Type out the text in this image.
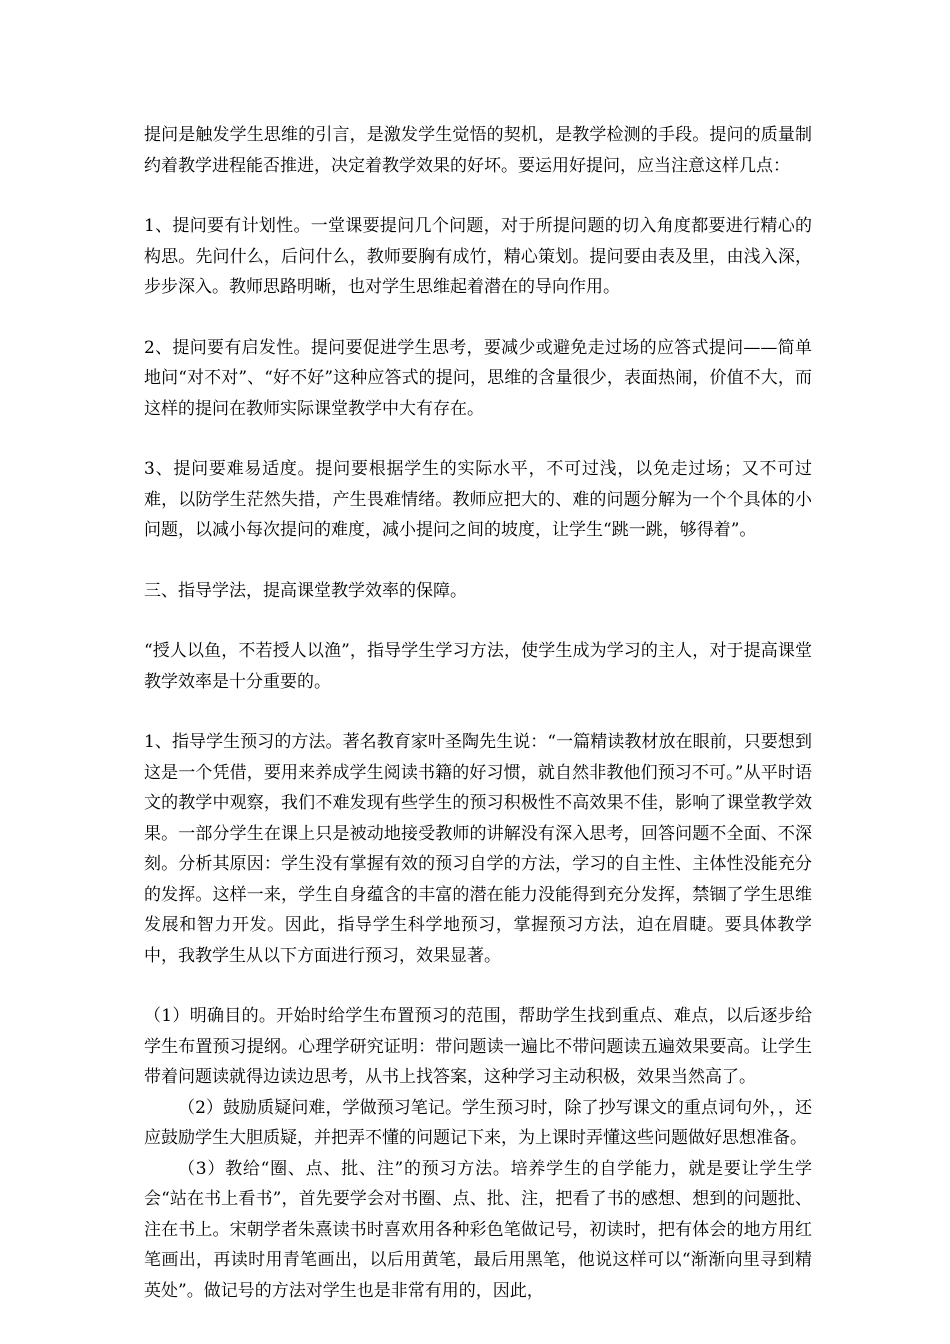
提问是触发学生思维的引言，是激发学生觉悟的契机，是教学检测的手段。提问的质量制约着教学进程能否推进，决定着教学效果的好坏。要运用好提问，应当注意这样几点：

1、提问要有计划性。一堂课要提问几个问题，对于所提问题的切入角度都要进行精心的构思。先问什么，后问什么，教师要胸有成竹，精心策划。提问要由表及里，由浅入深，步步深入。教师思路明晰，也对学生思维起着潜在的导向作用。

2、提问要有启发性。提问要促进学生思考，要减少或避免走过场的应答式提问——简单地问“对不对”、“好不好”这种应答式的提问，思维的含量很少，表面热闹，价值不大，而这样的提问在教师实际课堂教学中大有存在。

3、提问要难易适度。提问要根据学生的实际水平，不可过浅，以免走过场；又不可过难，以防学生茫然失措，产生畏难情绪。教师应把大的、难的问题分解为一个个具体的小问题，以减小每次提问的难度，减小提问之间的坡度，让学生“跳一跳，够得着”。

三、指导学法，提高课堂教学效率的保障。

“授人以鱼，不若授人以渔”，指导学生学习方法，使学生成为学习的主人，对于提高课堂教学效率是十分重要的。

1、指导学生预习的方法。著名教育家叶圣陶先生说：“一篇精读教材放在眼前，只要想到这是一个凭借，要用来养成学生阅读书籍的好习惯，就自然非教他们预习不可。”从平时语文的教学中观察，我们不难发现有些学生的预习积极性不高效果不佳，影响了课堂教学效果。一部分学生在课上只是被动地接受教师的讲解没有深入思考，回答问题不全面、不深刻。分析其原因：学生没有掌握有效的预习自学的方法，学习的自主性、主体性没能充分的发挥。这样一来，学生自身蕴含的丰富的潜在能力没能得到充分发挥，禁锢了学生思维发展和智力开发。因此，指导学生科学地预习，掌握预习方法，迫在眉睫。要具体教学中，我教学生从以下方面进行预习，效果显著。

（1）明确目的。开始时给学生布置预习的范围，帮助学生找到重点、难点，以后逐步给学生布置预习提纲。心理学研究证明：带问题读一遍比不带问题读五遍效果要高。让学生带着问题读就得边读边思考，从书上找答案，这种学习主动积极，效果当然高了。

（2）鼓励质疑问难，学做预习笔记。学生预习时，除了抄写课文的重点词句外，，还应鼓励学生大胆质疑，并把弄不懂的问题记下来，为上课时弄懂这些问题做好思想准备。

（3）教给“圈、点、批、注”的预习方法。培养学生的自学能力，就是要让学生学会“站在书上看书”，首先要学会对书圈、点、批、注，把看了书的感想、想到的问题批、注在书上。宋朝学者朱熹读书时喜欢用各种彩色笔做记号，初读时，把有体会的地方用红笔画出，再读时用青笔画出，以后用黄笔，最后用黑笔，他说这样可以“渐渐向里寻到精英处”。做记号的方法对学生也是非常有用的，因此，
